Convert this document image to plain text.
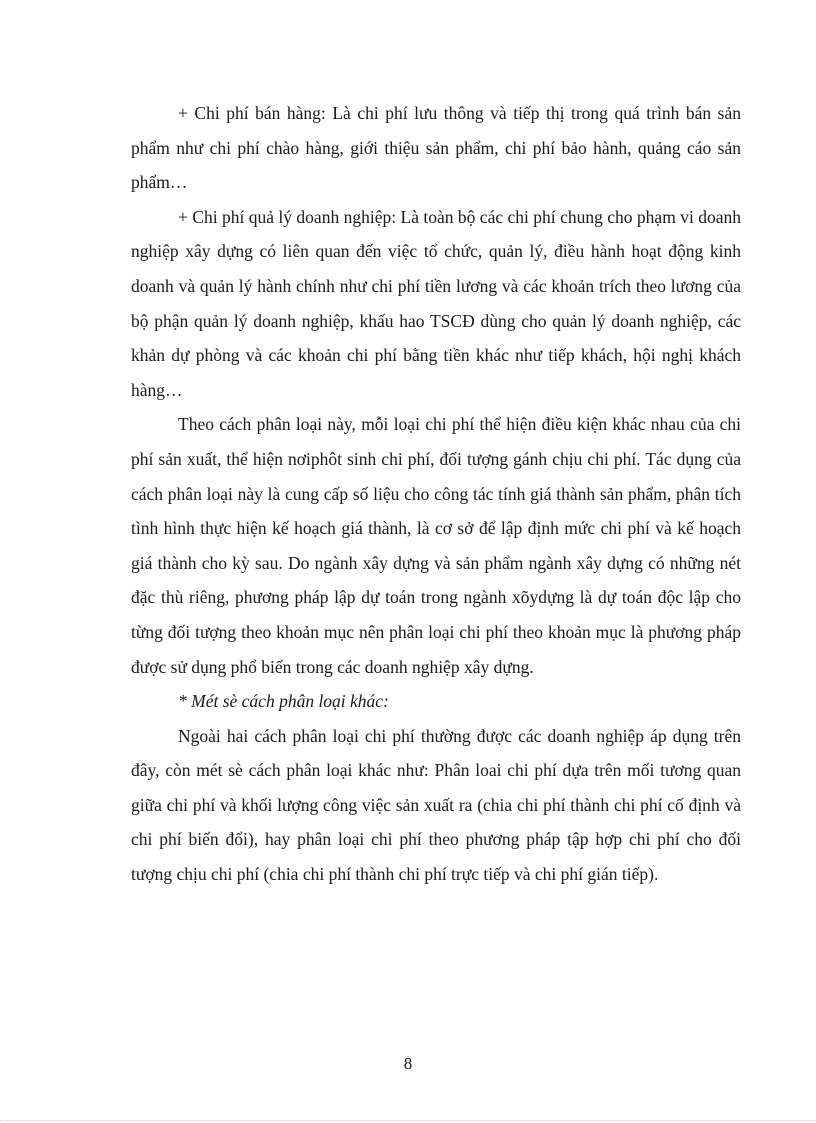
+ Chi phí bán hàng: Là chi phí lưu thông và tiếp thị trong quá trình bán sản phẩm như chi phí chào hàng, giới thiệu sản phẩm, chi phí bảo hành, quảng cáo sản phẩm…

+ Chi phí quả lý doanh nghiệp: Là toàn bộ các chi phí chung cho phạm vi doanh nghiệp xây dựng có liên quan đến việc tổ chức, quản lý, điều hành hoạt động kinh doanh và quản lý hành chính như chi phí tiền lương và các khoản trích theo lương của bộ phận quản lý doanh nghiệp, khấu hao TSCĐ dùng cho quản lý doanh nghiệp, các khản dự phòng và các khoản chi phí bằng tiền khác như tiếp khách, hội nghị khách hàng…

Theo cách phân loại này, mỗi loại chi phí thể hiện điều kiện khác nhau của chi phí sản xuất, thể hiện nơiphôt sinh chi phí, đối tượng gánh chịu chi phí. Tác dụng của cách phân loại này là cung cấp số liệu cho công tác tính giá thành sản phẩm, phân tích tình hình thực hiện kế hoạch giá thành, là cơ sở để lập định mức chi phí và kế hoạch giá thành cho kỳ sau. Do ngành xây dựng và sản phẩm ngành xây dựng có những nét đặc thù riêng, phương pháp lập dự toán trong ngành xõydựng là dự toán độc lập cho từng đối tượng theo khoản mục nên phân loại chi phí theo khoản mục là phương pháp được sử dụng phổ biến trong các doanh nghiệp xây dựng.

* Mét sè cách phân loại khác:

Ngoài hai cách phân loại chi phí thường được các doanh nghiệp áp dụng trên đây, còn mét sè cách phân loại khác như: Phân loai chi phí dựa trên mối tương quan giữa chi phí và khối lượng công việc sản xuất ra (chia chi phí thành chi phí cố định và chi phí biến đổi), hay phân loại chi phí theo phương pháp tập hợp chi phí cho đối tượng chịu chi phí (chia chi phí thành chi phí trực tiếp và chi phí gián tiếp).

8
